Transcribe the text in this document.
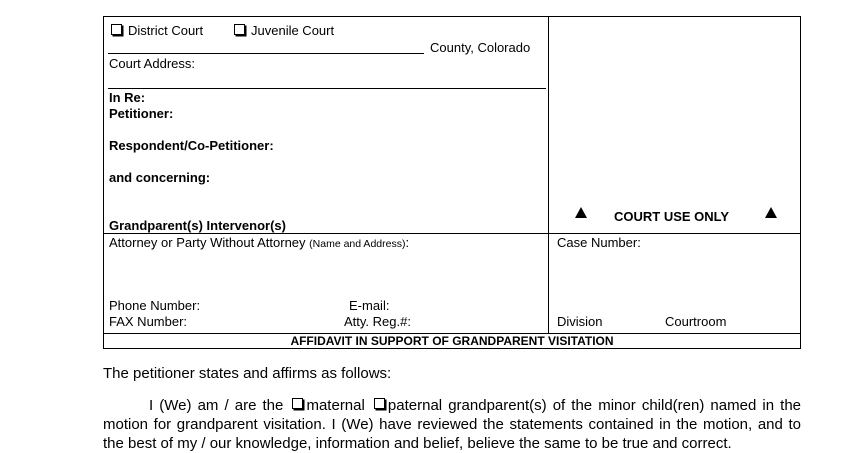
District Court	Juvenile Court
County, Colorado
Court Address:
In Re:
Petitioner:
Respondent/Co-Petitioner:
and concerning:
Grandparent(s) Intervenor(s)
COURT USE ONLY
Attorney or Party Without Attorney (Name and Address):	Case Number:
Phone Number:	E-mail:
FAX Number:	Atty. Reg.#:	Division	Courtroom
AFFIDAVIT IN SUPPORT OF GRANDPARENT VISITATION
The petitioner states and affirms as follows:
I (We) am / are the maternal paternal grandparent(s) of the minor child(ren) named in the motion for grandparent visitation. I (We) have reviewed the statements contained in the motion, and to the best of my / our knowledge, information and belief, believe the same to be true and correct.
